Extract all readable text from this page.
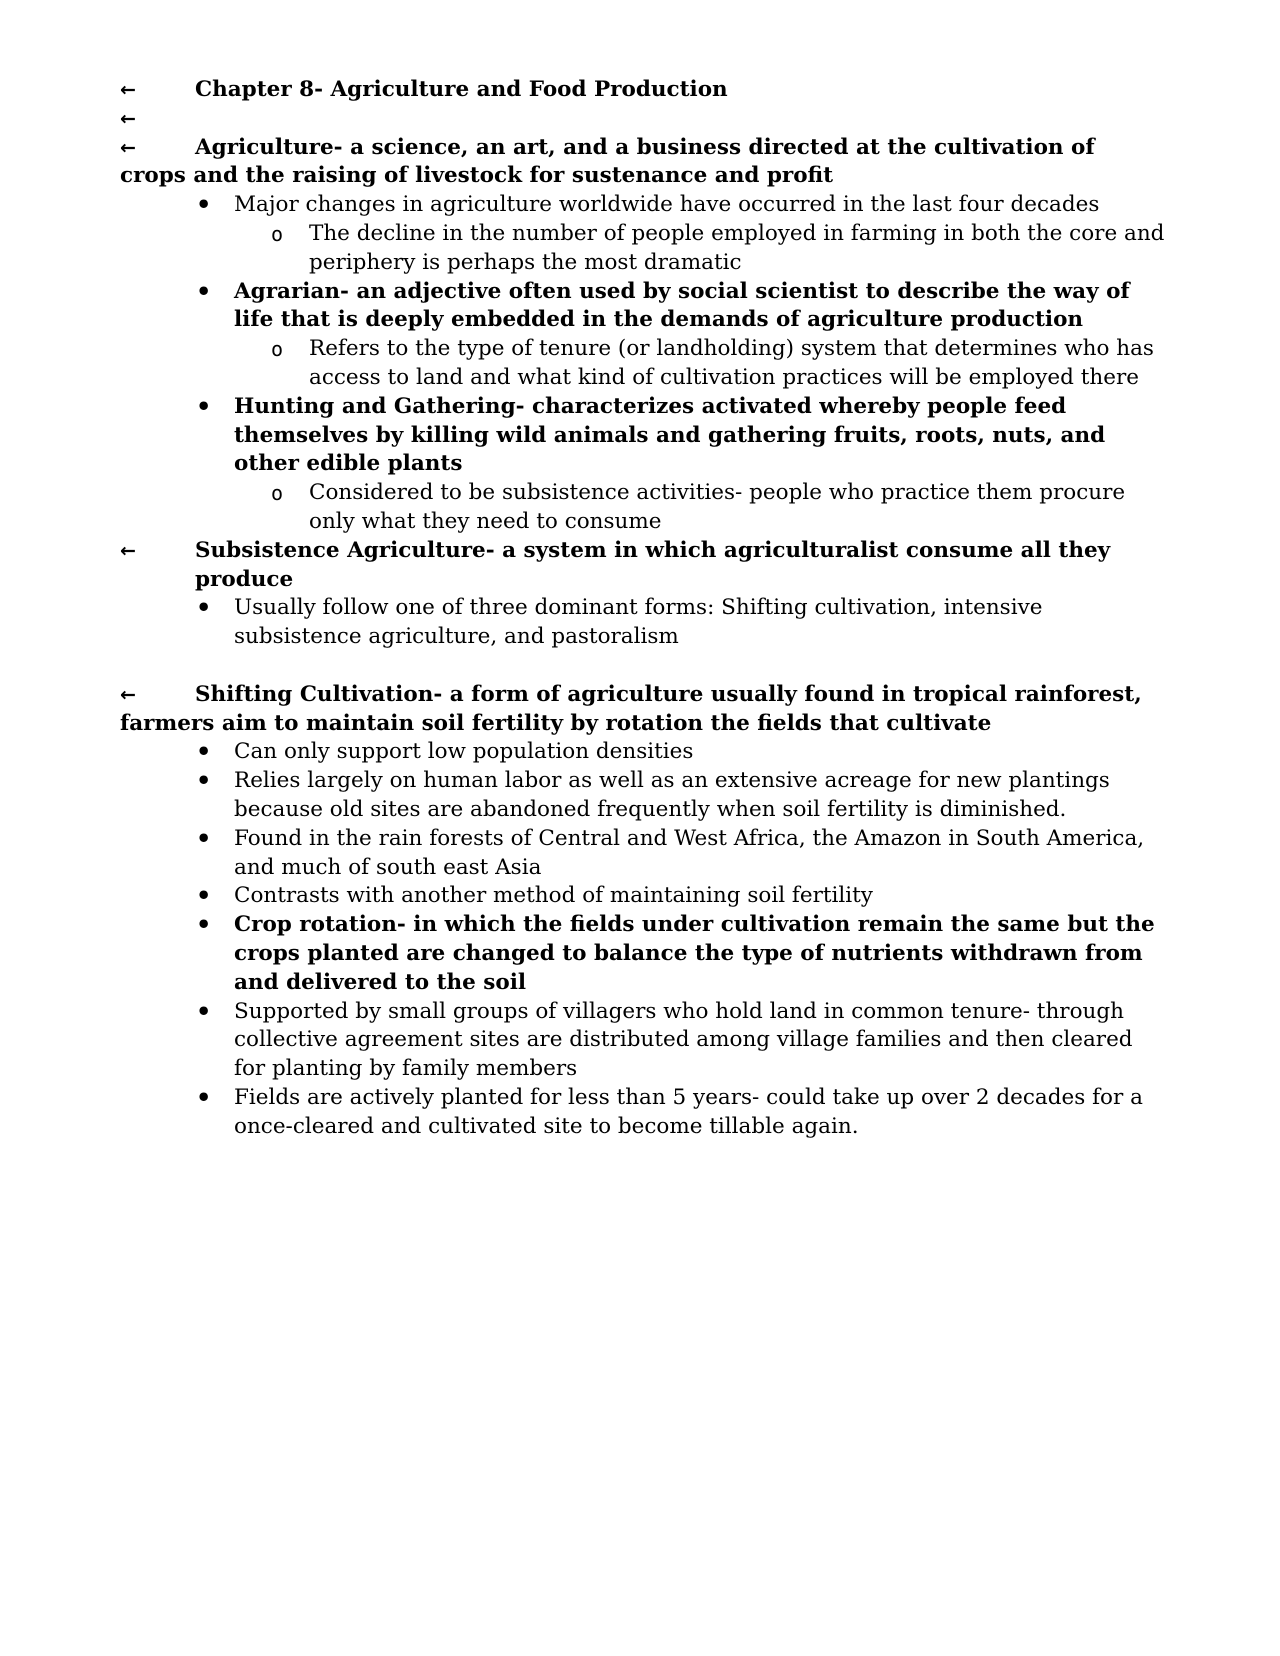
←	Chapter 8- Agriculture and Food Production
←
←	Agriculture- a science, an art, and a business directed at the cultivation of crops and the raising of livestock for sustenance and profit
• Major changes in agriculture worldwide have occurred in the last four decades
o The decline in the number of people employed in farming in both the core and periphery is perhaps the most dramatic
• Agrarian- an adjective often used by social scientist to describe the way of life that is deeply embedded in the demands of agriculture production
o Refers to the type of tenure (or landholding) system that determines who has access to land and what kind of cultivation practices will be employed there
• Hunting and Gathering- characterizes activated whereby people feed themselves by killing wild animals and gathering fruits, roots, nuts, and other edible plants
o Considered to be subsistence activities- people who practice them procure only what they need to consume
←	Subsistence Agriculture- a system in which agriculturalist consume all they produce
• Usually follow one of three dominant forms: Shifting cultivation, intensive subsistence agriculture, and pastoralism
←	Shifting Cultivation- a form of agriculture usually found in tropical rainforest, farmers aim to maintain soil fertility by rotation the fields that cultivate
• Can only support low population densities
• Relies largely on human labor as well as an extensive acreage for new plantings because old sites are abandoned frequently when soil fertility is diminished.
• Found in the rain forests of Central and West Africa, the Amazon in South America, and much of south east Asia
• Contrasts with another method of maintaining soil fertility
• Crop rotation- in which the fields under cultivation remain the same but the crops planted are changed to balance the type of nutrients withdrawn from and delivered to the soil
• Supported by small groups of villagers who hold land in common tenure- through collective agreement sites are distributed among village families and then cleared for planting by family members
• Fields are actively planted for less than 5 years- could take up over 2 decades for a once-cleared and cultivated site to become tillable again.
